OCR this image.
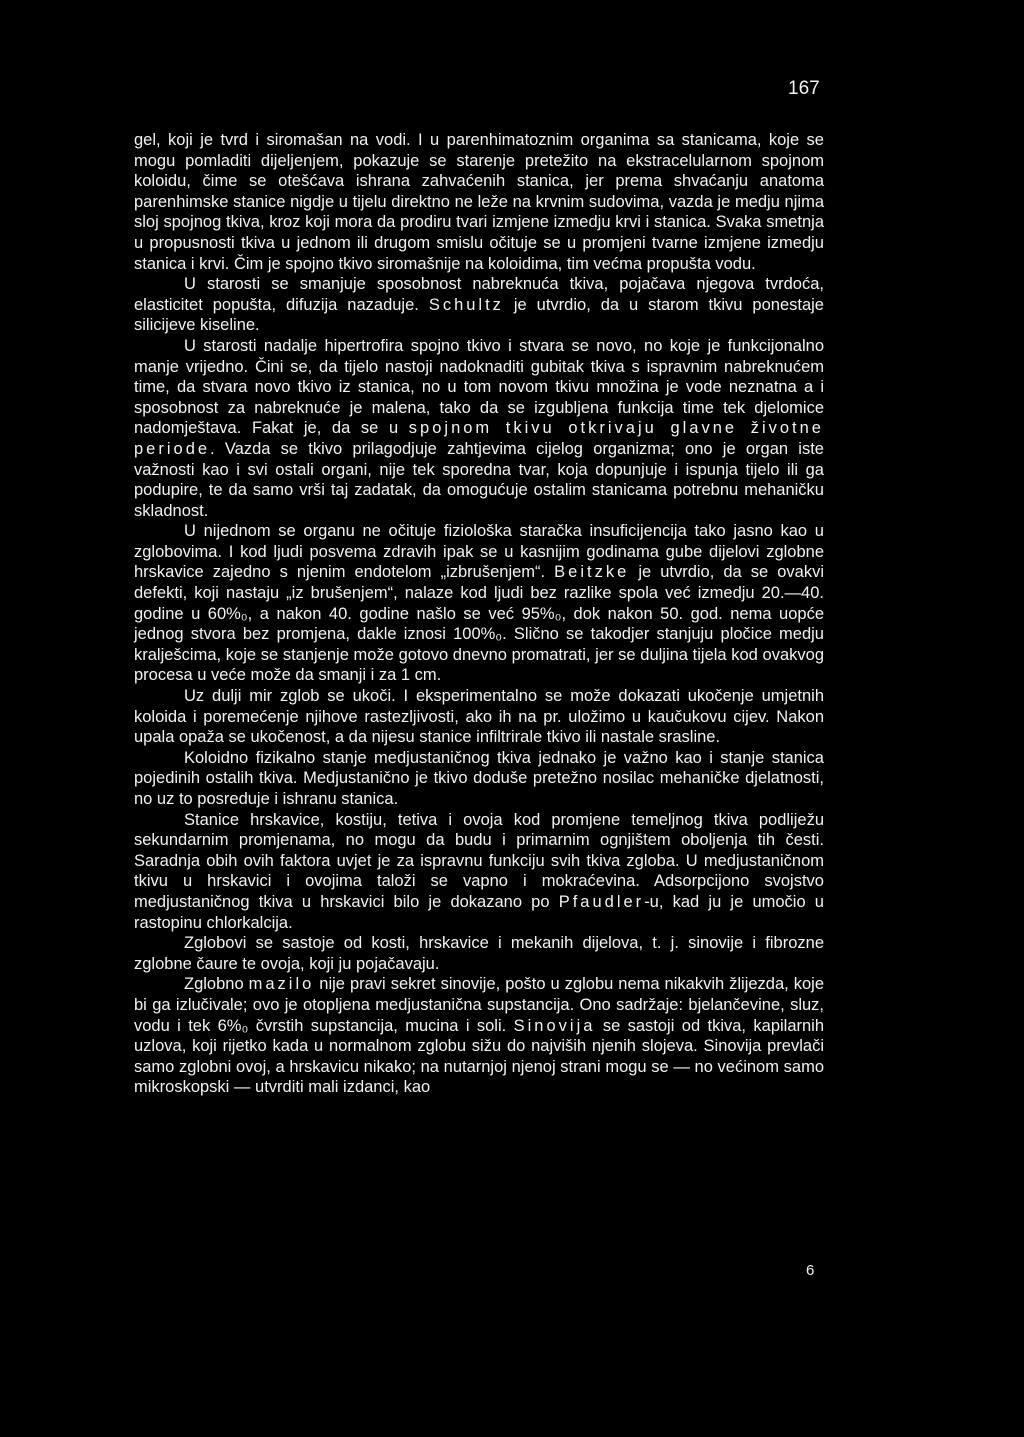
167

gel, koji je tvrd i siromašan na vodi. I u parenhimatoznim organima sa stanicama, koje se mogu pomladiti dijeljenjem, pokazuje se starenje pretežito na ekstracelularnom spojnom koloidu, čime se otešćava ishrana zahvaćenih stanica, jer prema shvaćanju anatoma parenhimske stanice nigdje u tijelu direktno ne leže na krvnim sudovima, vazda je medju njima sloj spojnog tkiva, kroz koji mora da prodiru tvari izmjene izmedju krvi i stanica. Svaka smetnja u propusnosti tkiva u jednom ili drugom smislu očituje se u promjeni tvarne izmjene izmedju stanica i krvi. Čim je spojno tkivo siromašnije na koloidima, tim većma propušta vodu.

U starosti se smanjuje sposobnost nabreknuća tkiva, pojačava njegova tvrdoća, elasticitet popušta, difuzija nazaduje. Schultz je utvrdio, da u starom tkivu ponestaje silicijeve kiseline.

U starosti nadalje hipertrofira spojno tkivo i stvara se novo, no koje je funkcijonalno manje vrijedno. Čini se, da tijelo nastoji nadoknaditi gubitak tkiva s ispravnim nabreknućem time, da stvara novo tkivo iz stanica, no u tom novom tkivu množina je vode neznatna a i sposobnost za nabreknuće je malena, tako da se izgubljena funkcija time tek djelomice nadomještava. Fakat je, da se u spojnom tkivu otkrivaju glavne životne periode. Vazda se tkivo prilagodjuje zahtjevima cijelog organizma; ono je organ iste važnosti kao i svi ostali organi, nije tek sporedna tvar, koja dopunjuje i ispunja tijelo ili ga podupire, te da samo vrši taj zadatak, da omogućuje ostalim stanicama potrebnu mehaničku skladnost.

U nijednom se organu ne očituje fiziološka staračka insuficijencija tako jasno kao u zglobovima. I kod ljudi posvema zdravih ipak se u kasnijim godinama gube dijelovi zglobne hrskavice zajedno s njenim endotelom „izbrušenjem“. Beitzke je utvrdio, da se ovakvi defekti, koji nastaju „iz brušenjem“, nalaze kod ljudi bez razlike spola već izmedju 20.—40. godine u 60%₀, a nakon 40. godine našlo se već 95%₀, dok nakon 50. god. nema uopće jednog stvora bez promjena, dakle iznosi 100%₀. Slično se takodjer stanjuju pločice medju kralješcima, koje se stanjenje može gotovo dnevno promatrati, jer se duljina tijela kod ovakvog procesa u veće može da smanji i za 1 cm.

Uz dulji mir zglob se ukoči. I eksperimentalno se može dokazati ukočenje umjetnih koloida i poremećenje njihove rastezljivosti, ako ih na pr. uložimo u kaučukovu cijev. Nakon upala opaža se ukočenost, a da nijesu stanice infiltrirale tkivo ili nastale srasline.

Koloidno fizikalno stanje medjustaničnog tkiva jednako je važno kao i stanje stanica pojedinih ostalih tkiva. Medjustanično je tkivo doduše pretežno nosilac mehaničke djelatnosti, no uz to posreduje i ishranu stanica.

Stanice hrskavice, kostiju, tetiva i ovoja kod promjene temeljnog tkiva podliježu sekundarnim promjenama, no mogu da budu i primarnim ognjištem oboljenja tih česti. Saradnja obih ovih faktora uvjet je za ispravnu funkciju svih tkiva zgloba. U medjustaničnom tkivu u hrskavici i ovojima taloži se vapno i mokraćevina. Adsorpcijono svojstvo medjustaničnog tkiva u hrskavici bilo je dokazano po Pfaudler-u, kad ju je umočio u rastopinu chlorkalcija.

Zglobovi se sastoje od kosti, hrskavice i mekanih dijelova, t. j. sinovije i fibrozne zglobne čaure te ovoja, koji ju pojačavaju.

Zglobno mazilo nije pravi sekret sinovije, pošto u zglobu nema nikakvih žlijezda, koje bi ga izlučivale; ovo je otopljena medjustanična supstancija. Ono sadržaje: bjelančevine, sluz, vodu i tek 6%₀ čvrstih supstancija, mucina i soli. Sinovija se sastoji od tkiva, kapilarnih uzlova, koji rijetko kada u normalnom zglobu sižu do najviših njenih slojeva. Sinovija prevlači samo zglobni ovoj, a hrskavicu nikako; na nutarnjoj njenoj strani mogu se — no većinom samo mikroskopski — utvrditi mali izdanci, kao

6
